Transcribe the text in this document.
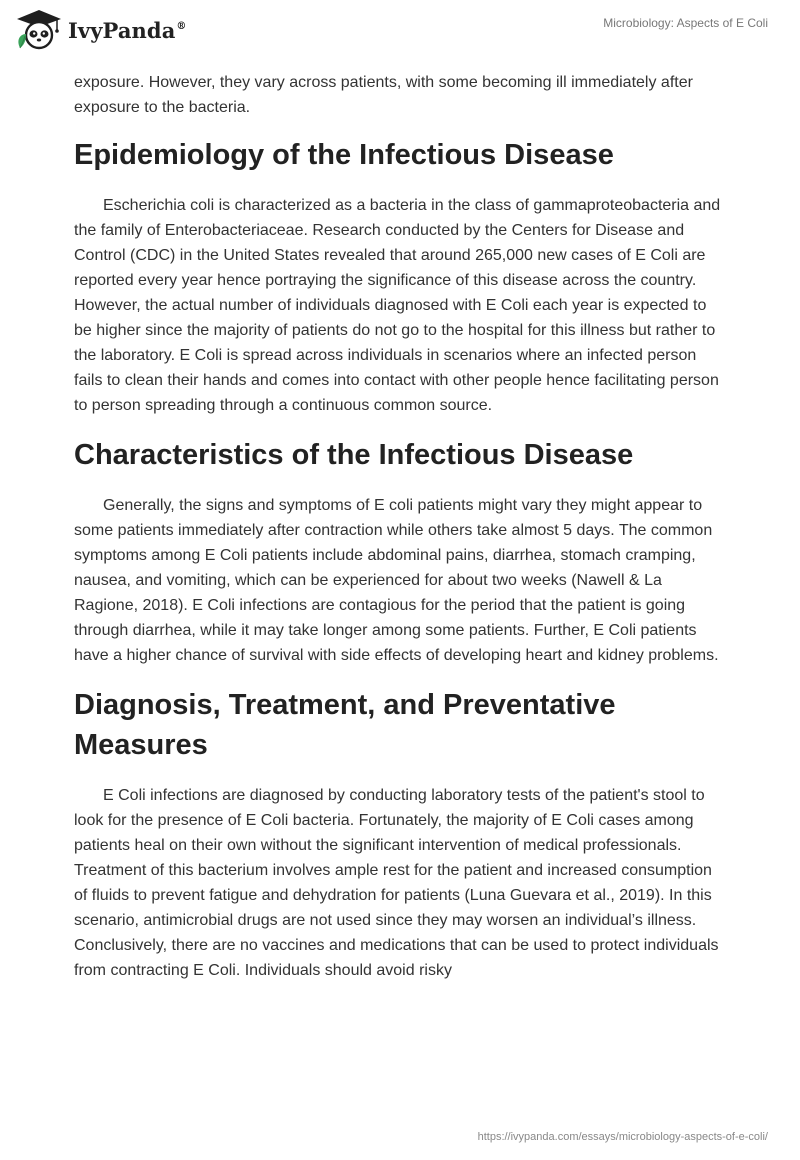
IvyPanda®	Microbiology: Aspects of E Coli

exposure. However, they vary across patients, with some becoming ill immediately after exposure to the bacteria.

Epidemiology of the Infectious Disease

Escherichia coli is characterized as a bacteria in the class of gammaproteobacteria and the family of Enterobacteriaceae. Research conducted by the Centers for Disease and Control (CDC) in the United States revealed that around 265,000 new cases of E Coli are reported every year hence portraying the significance of this disease across the country. However, the actual number of individuals diagnosed with E Coli each year is expected to be higher since the majority of patients do not go to the hospital for this illness but rather to the laboratory. E Coli is spread across individuals in scenarios where an infected person fails to clean their hands and comes into contact with other people hence facilitating person to person spreading through a continuous common source.

Characteristics of the Infectious Disease

Generally, the signs and symptoms of E coli patients might vary they might appear to some patients immediately after contraction while others take almost 5 days. The common symptoms among E Coli patients include abdominal pains, diarrhea, stomach cramping, nausea, and vomiting, which can be experienced for about two weeks (Nawell & La Ragione, 2018). E Coli infections are contagious for the period that the patient is going through diarrhea, while it may take longer among some patients. Further, E Coli patients have a higher chance of survival with side effects of developing heart and kidney problems.

Diagnosis, Treatment, and Preventative Measures

E Coli infections are diagnosed by conducting laboratory tests of the patient's stool to look for the presence of E Coli bacteria. Fortunately, the majority of E Coli cases among patients heal on their own without the significant intervention of medical professionals. Treatment of this bacterium involves ample rest for the patient and increased consumption of fluids to prevent fatigue and dehydration for patients (Luna Guevara et al., 2019). In this scenario, antimicrobial drugs are not used since they may worsen an individual’s illness. Conclusively, there are no vaccines and medications that can be used to protect individuals from contracting E Coli. Individuals should avoid risky

https://ivypanda.com/essays/microbiology-aspects-of-e-coli/
